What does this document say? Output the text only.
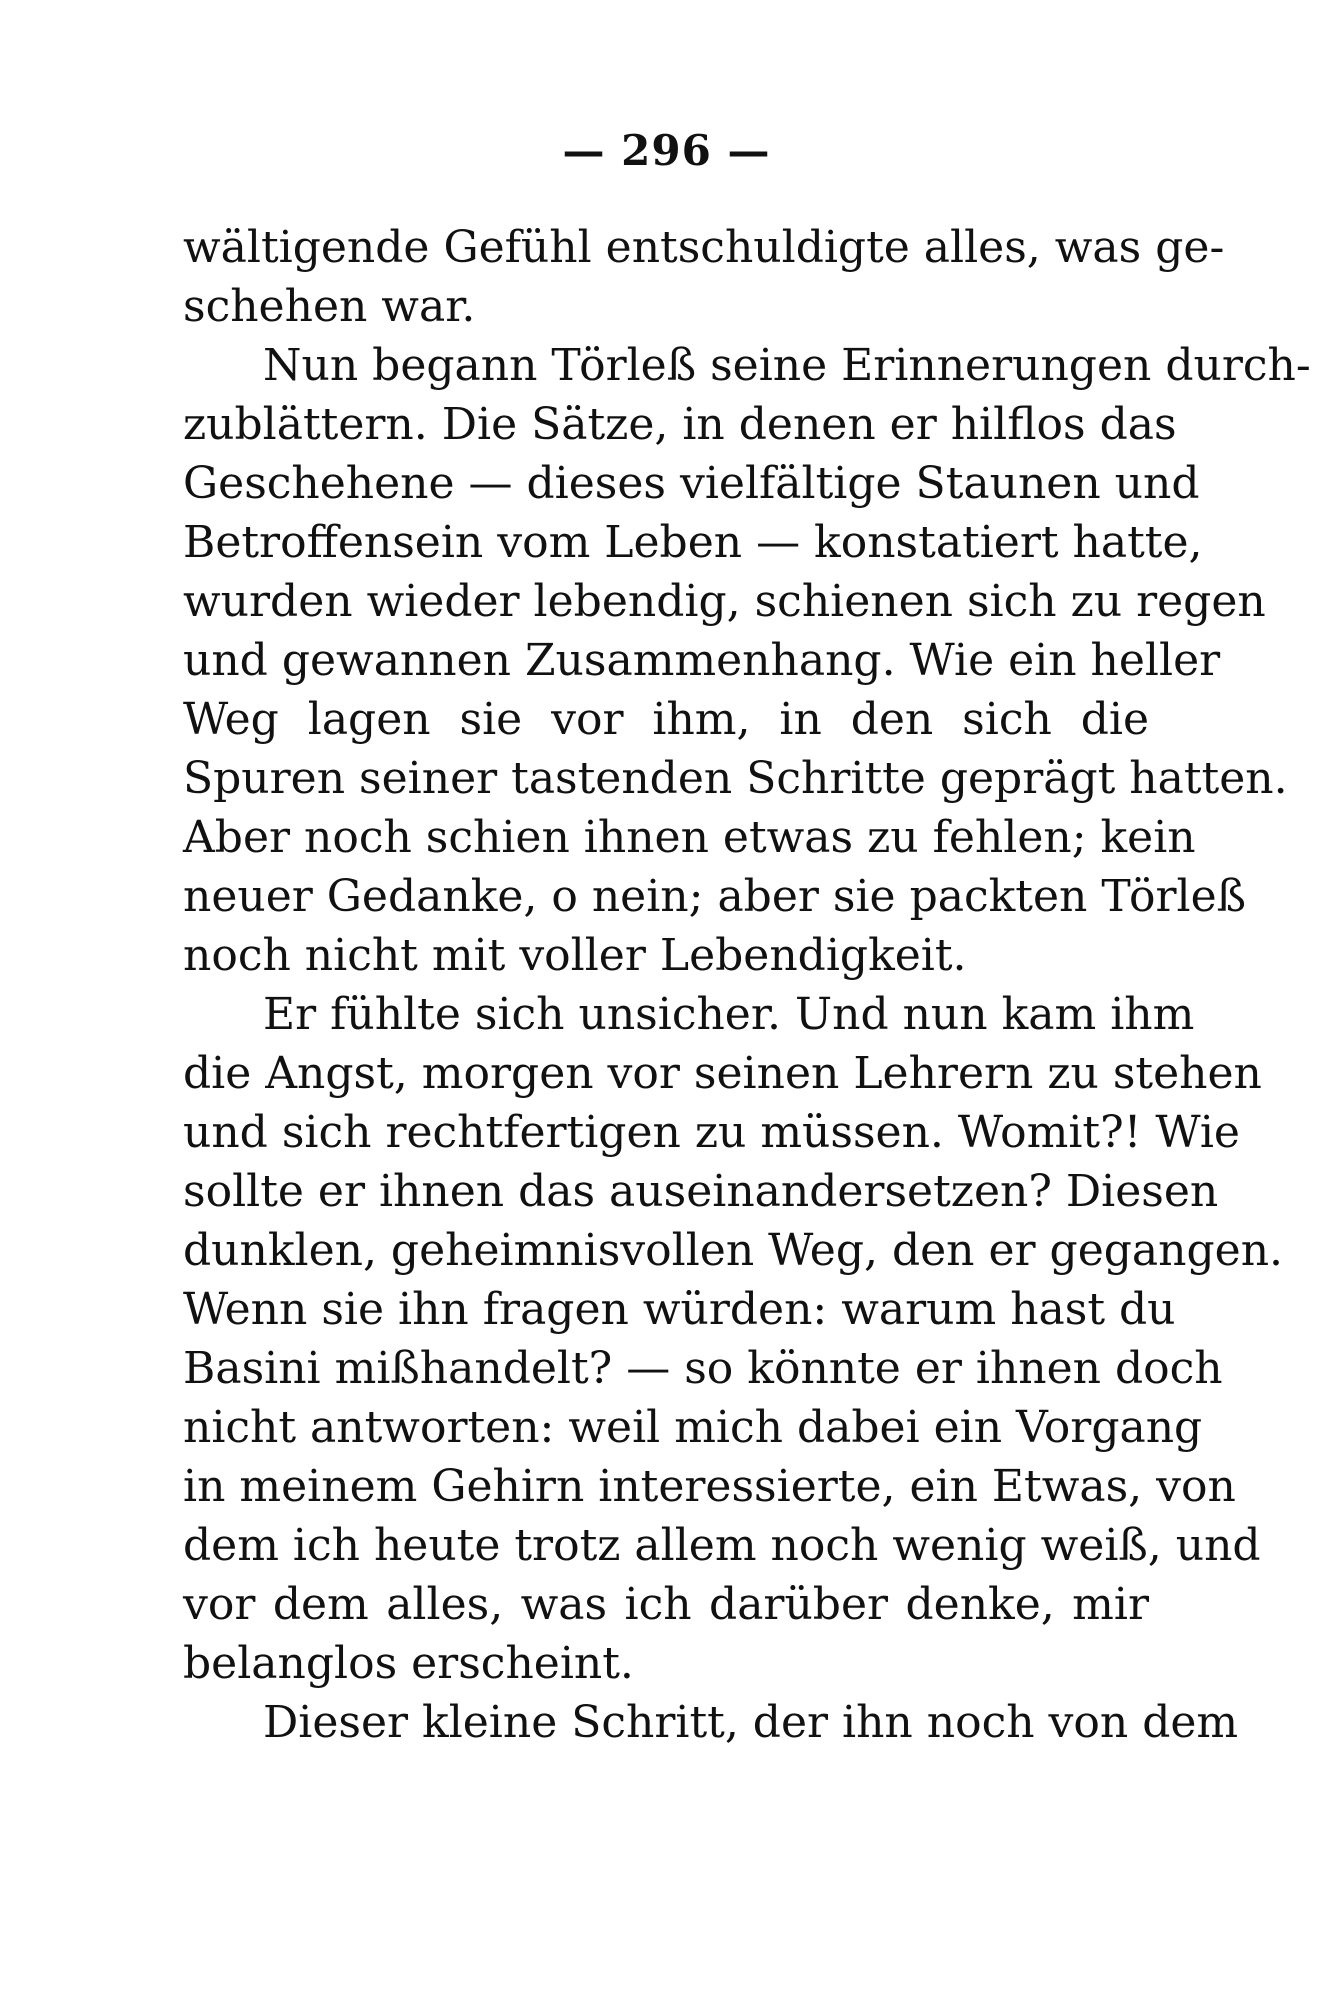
— 296 —
wältigende Gefühl entschuldigte alles, was ge-
schehen war.
Nun begann Törleß seine Erinnerungen durch-
zublättern. Die Sätze, in denen er hilflos das
Geschehene — dieses vielfältige Staunen und
Betroffensein vom Leben — konstatiert hatte,
wurden wieder lebendig, schienen sich zu regen
und gewannen Zusammenhang. Wie ein heller
Weg lagen sie vor ihm, in den sich die
Spuren seiner tastenden Schritte geprägt hatten.
Aber noch schien ihnen etwas zu fehlen; kein
neuer Gedanke, o nein; aber sie packten Törleß
noch nicht mit voller Lebendigkeit.
Er fühlte sich unsicher. Und nun kam ihm
die Angst, morgen vor seinen Lehrern zu stehen
und sich rechtfertigen zu müssen. Womit?! Wie
sollte er ihnen das auseinandersetzen? Diesen
dunklen, geheimnisvollen Weg, den er gegangen.
Wenn sie ihn fragen würden: warum hast du
Basini mißhandelt? — so könnte er ihnen doch
nicht antworten: weil mich dabei ein Vorgang
in meinem Gehirn interessierte, ein Etwas, von
dem ich heute trotz allem noch wenig weiß, und
vor dem alles, was ich darüber denke, mir
belanglos erscheint.
Dieser kleine Schritt, der ihn noch von dem
